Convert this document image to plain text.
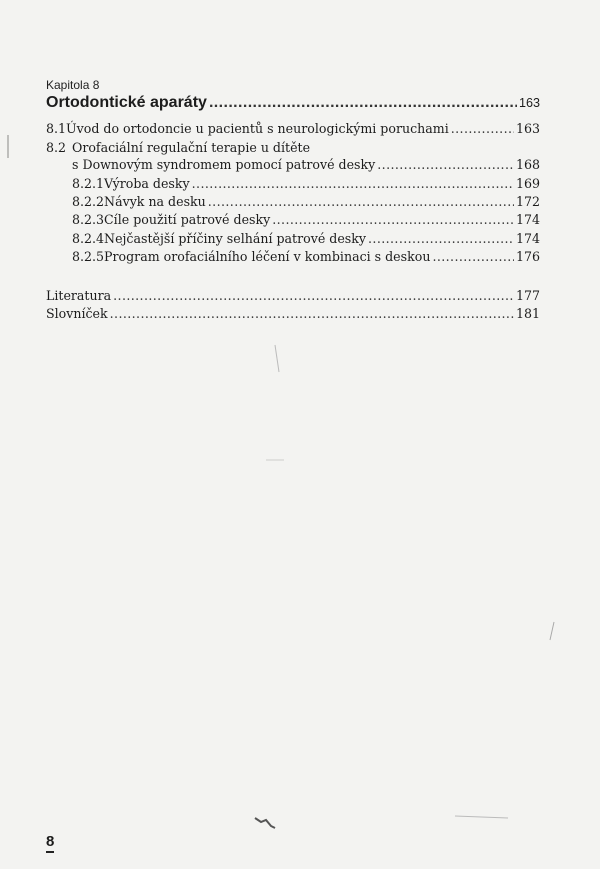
Kapitola 8
Ortodontické aparáty .....	163
8.1 Úvod do ortodoncie u pacientů s neurologickými poruchami .....	163
8.2 Orofaciální regulační terapie u dítěte
s Downovým syndromem pomocí patrové desky .....	168
8.2.1 Výroba desky .....	169
8.2.2 Návyk na desku .....	172
8.2.3 Cíle použití patrové desky .....	174
8.2.4 Nejčastější příčiny selhání patrové desky .....	174
8.2.5 Program orofaciálního léčení v kombinaci s deskou .....	176
Literatura .....	177
Slovníček .....	181
8
